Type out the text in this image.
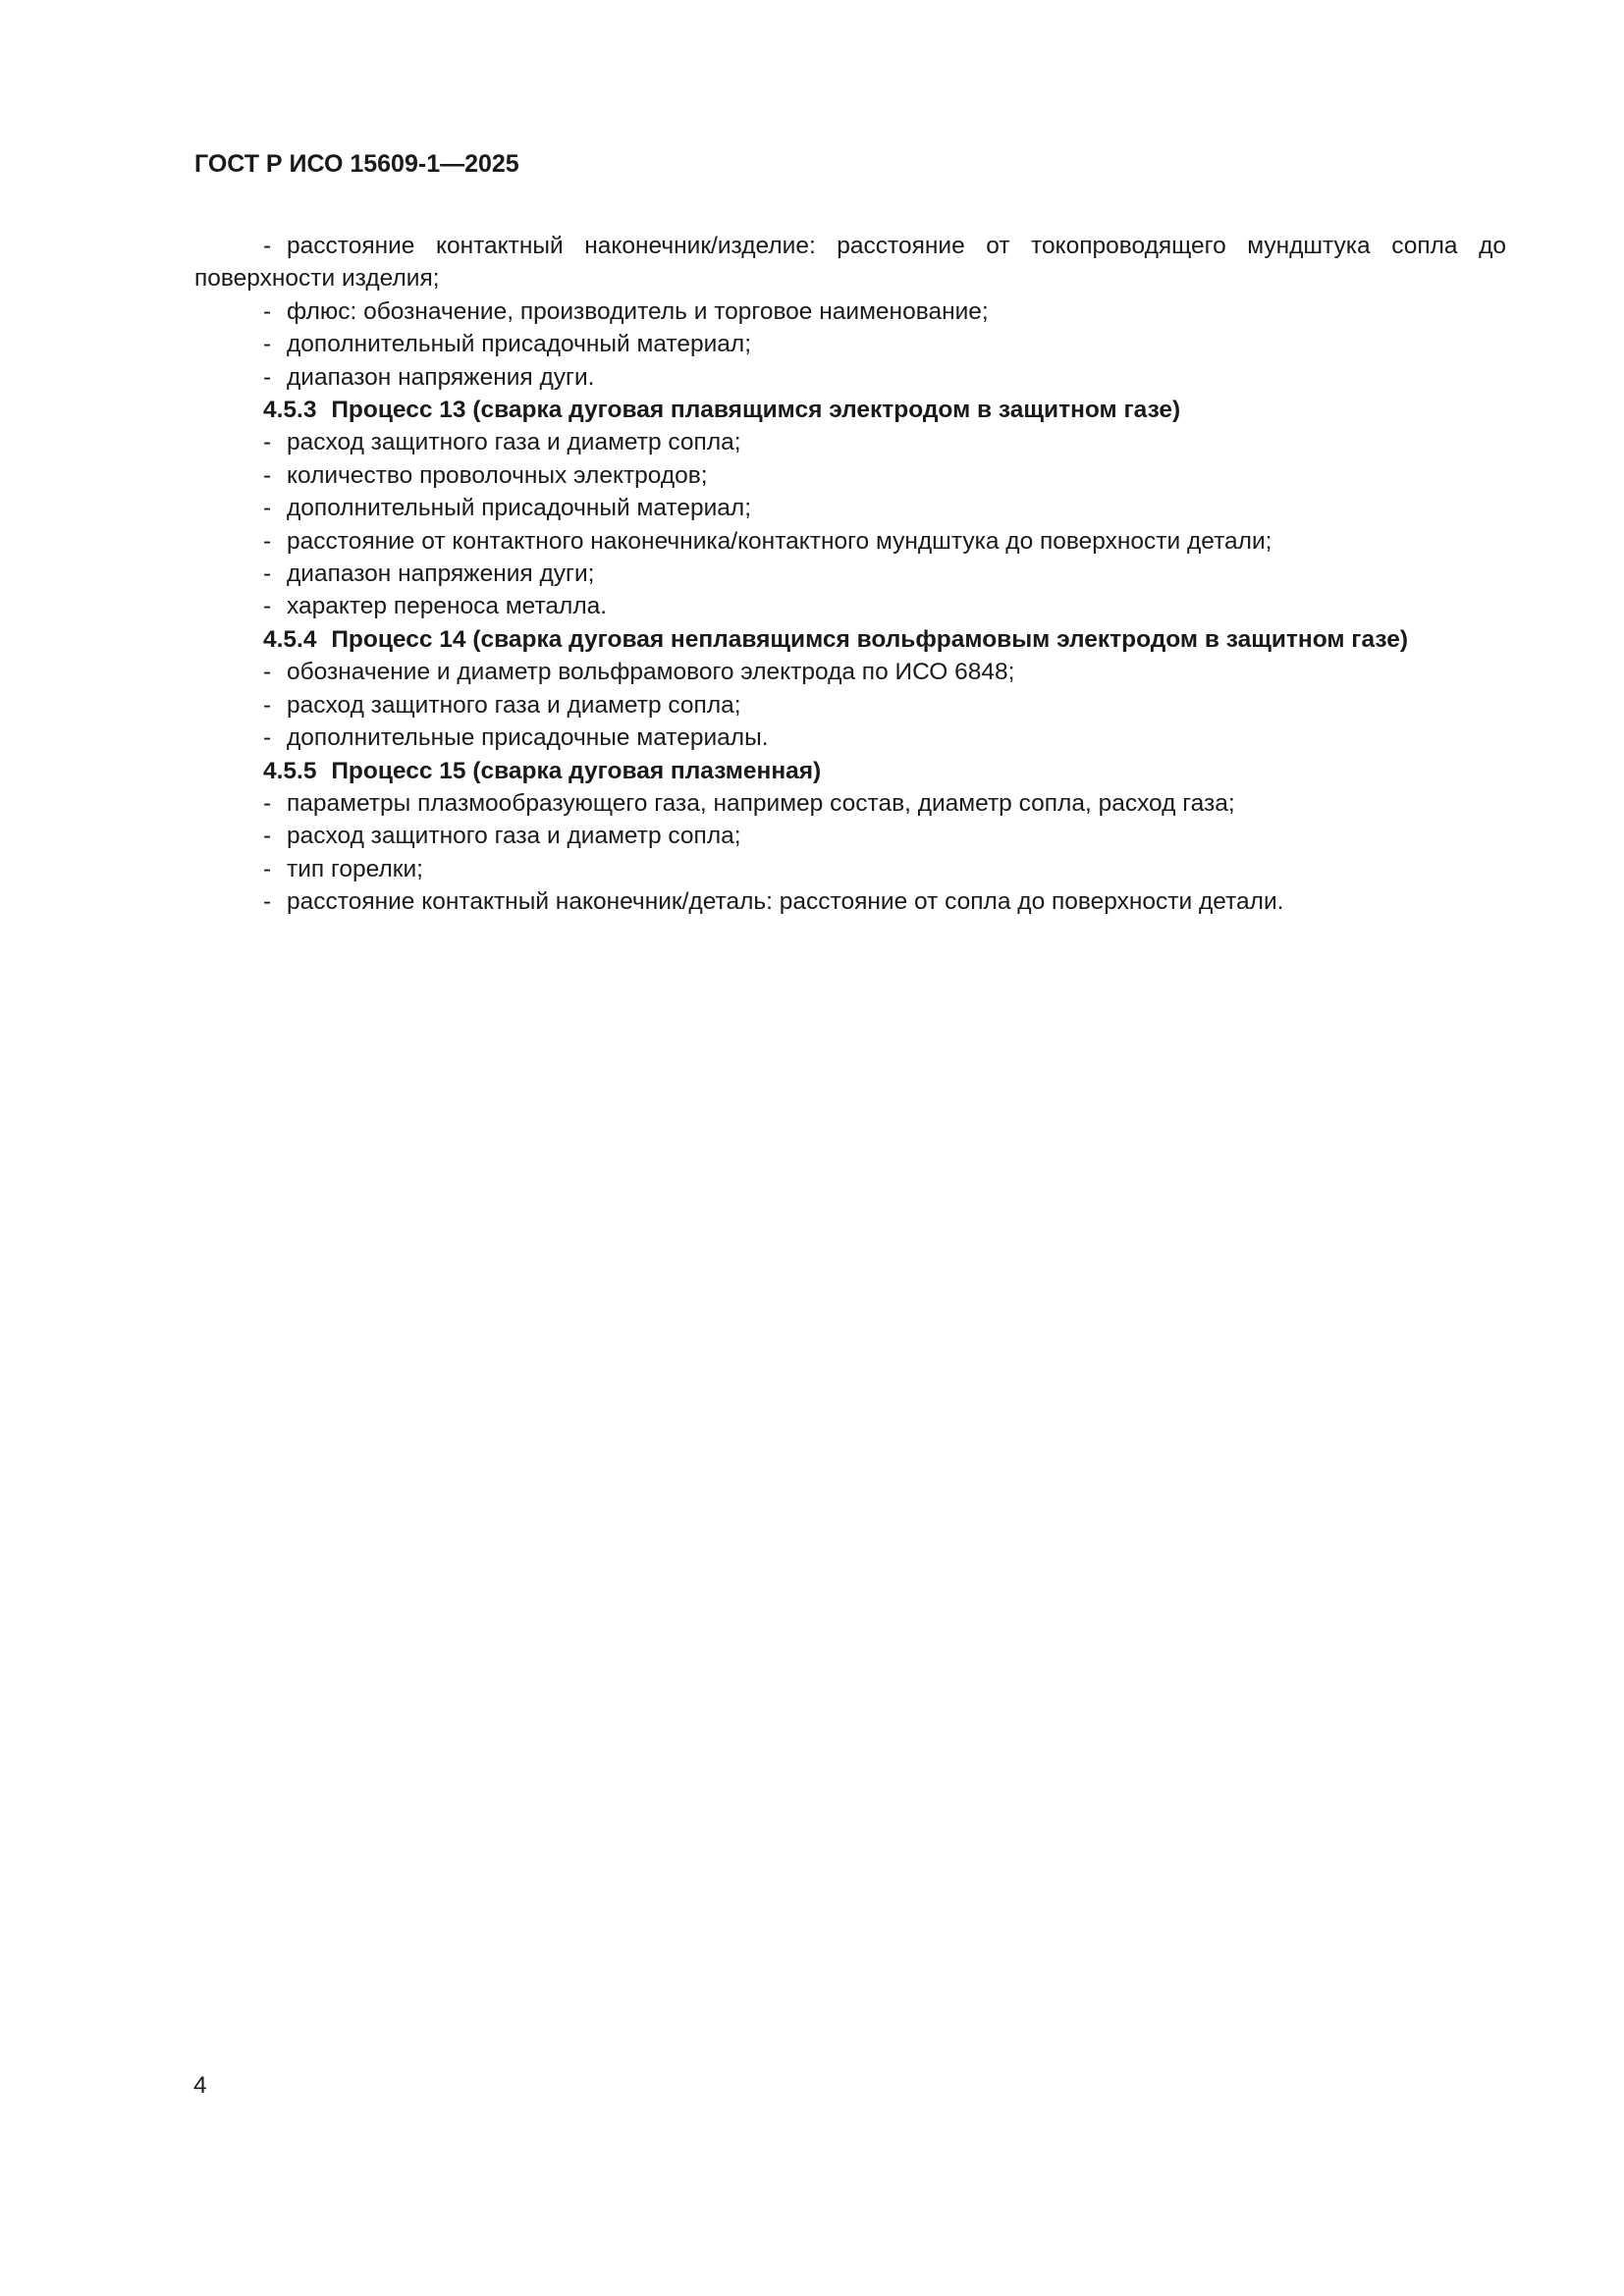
ГОСТ Р ИСО 15609-1—2025

- расстояние контактный наконечник/изделие: расстояние от токопроводящего мундштука сопла до поверхности изделия;

- флюс: обозначение, производитель и торговое наименование;

- дополнительный присадочный материал;

- диапазон напряжения дуги.

4.5.3 Процесс 13 (сварка дуговая плавящимся электродом в защитном газе)

- расход защитного газа и диаметр сопла;

- количество проволочных электродов;

- дополнительный присадочный материал;

- расстояние от контактного наконечника/контактного мундштука до поверхности детали;

- диапазон напряжения дуги;

- характер переноса металла.

4.5.4 Процесс 14 (сварка дуговая неплавящимся вольфрамовым электродом в защитном газе)

- обозначение и диаметр вольфрамового электрода по ИСО 6848;

- расход защитного газа и диаметр сопла;

- дополнительные присадочные материалы.

4.5.5 Процесс 15 (сварка дуговая плазменная)

- параметры плазмообразующего газа, например состав, диаметр сопла, расход газа;

- расход защитного газа и диаметр сопла;

- тип горелки;

- расстояние контактный наконечник/деталь: расстояние от сопла до поверхности детали.

4
